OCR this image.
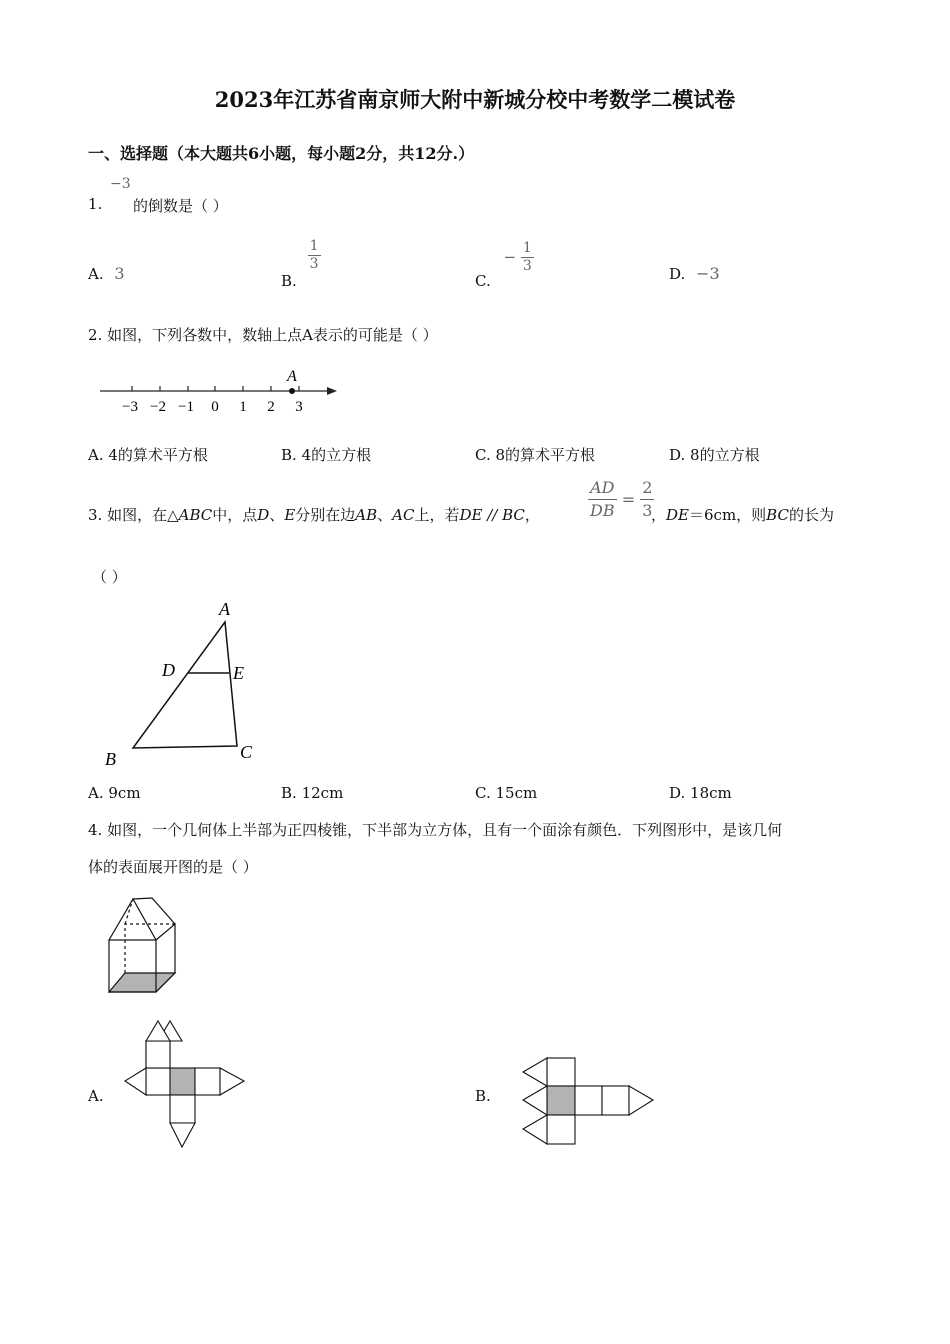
2023年江苏省南京师大附中新城分校中考数学二模试卷
一、选择题（本大题共6小题，每小题2分，共12分.）
1.
−3
的倒数是（ ）
A. 3	B.
$\frac{1}{3}$
C. − $\frac{1}{3}$	D. −3
2. 如图，下列各数中，数轴上点A表示的可能是（ ）
A
−3 −2 −1 0 1 2 3
A. 4的算术平方根	B. 4的立方根	C. 8的算术平方根	D. 8的立方根
3. 如图，在△ABC中，点D、E分别在边AB、AC上，若DE // BC，	$\frac{AD}{DB} = \frac{2}{3}$
，DE＝6cm，则BC的长为
（ ）
A
D	E
B	C
A. 9cm	B. 12cm	C. 15cm	D. 18cm
4. 如图，一个几何体上半部为正四棱锥，下半部为立方体，且有一个面涂有颜色．下列图形中，是该几何
体的表面展开图的是（ ）
A.	B.
